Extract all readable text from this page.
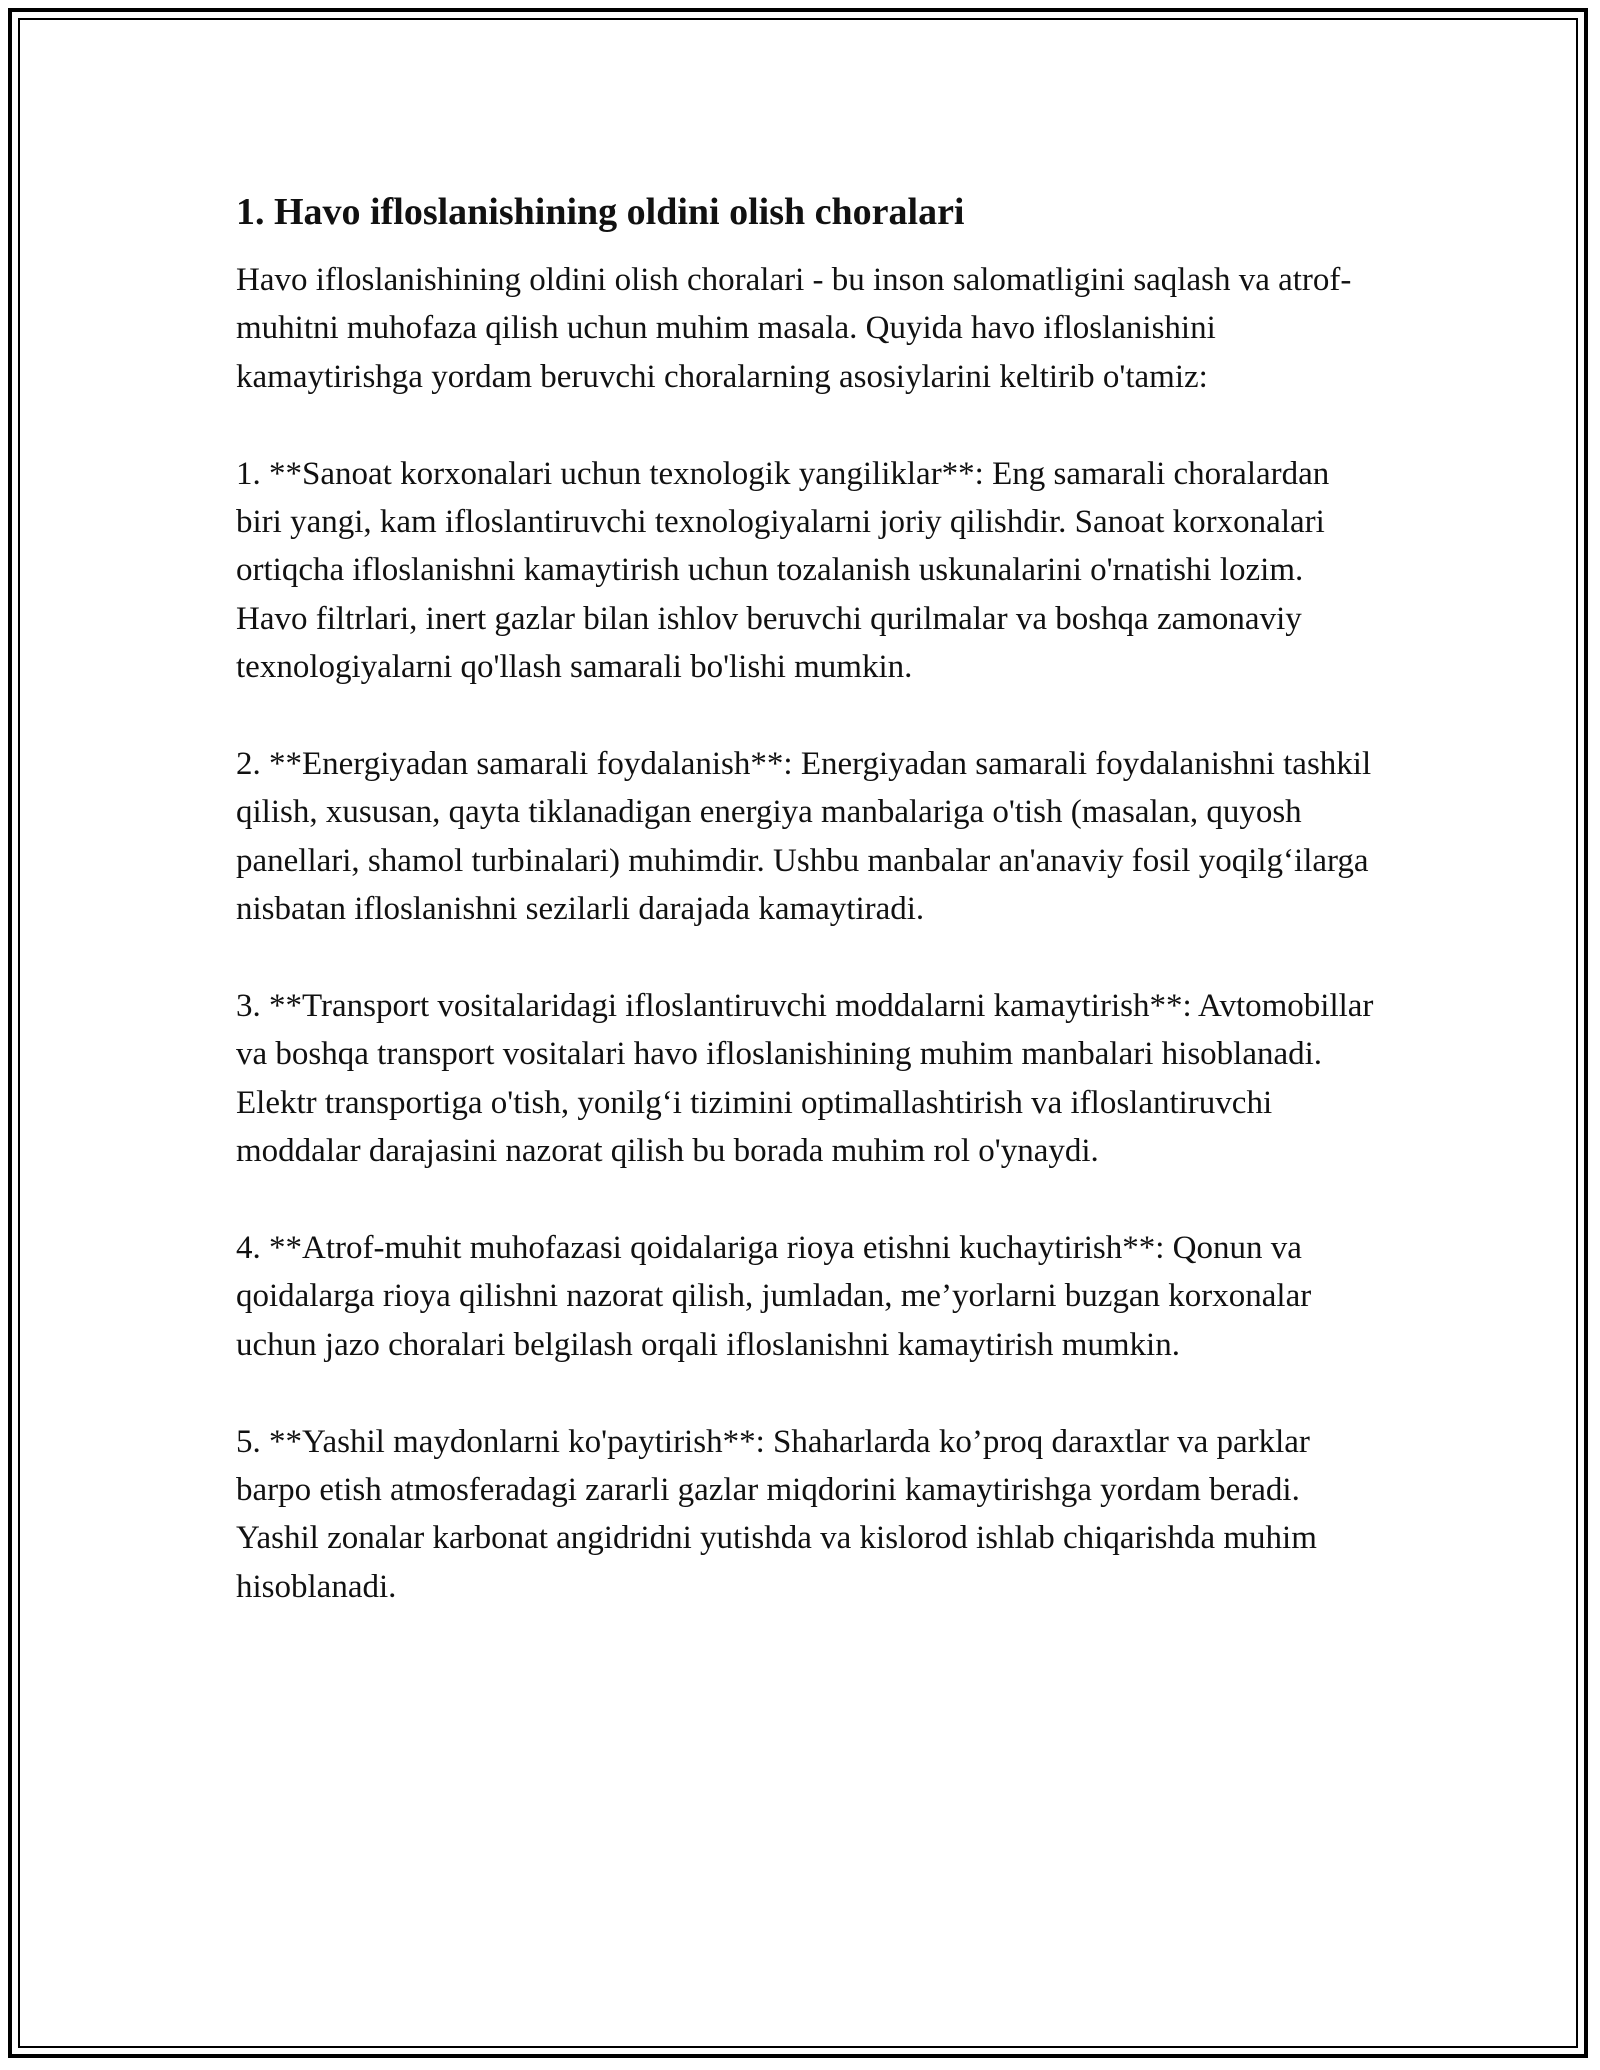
1. Havo ifloslanishining oldini olish choralari

Havo ifloslanishining oldini olish choralari - bu inson salomatligini saqlash va atrof-muhitni muhofaza qilish uchun muhim masala. Quyida havo ifloslanishini kamaytirishga yordam beruvchi choralarning asosiylarini keltirib o'tamiz:

1. **Sanoat korxonalari uchun texnologik yangiliklar**: Eng samarali choralardan biri yangi, kam ifloslantiruvchi texnologiyalarni joriy qilishdir. Sanoat korxonalari ortiqcha ifloslanishni kamaytirish uchun tozalanish uskunalarini o'rnatishi lozim. Havo filtrlari, inert gazlar bilan ishlov beruvchi qurilmalar va boshqa zamonaviy texnologiyalarni qo'llash samarali bo'lishi mumkin.

2. **Energiyadan samarali foydalanish**: Energiyadan samarali foydalanishni tashkil qilish, xususan, qayta tiklanadigan energiya manbalariga o'tish (masalan, quyosh panellari, shamol turbinalari) muhimdir. Ushbu manbalar an'anaviy fosil yoqilg‘ilarga nisbatan ifloslanishni sezilarli darajada kamaytiradi.

3. **Transport vositalaridagi ifloslantiruvchi moddalarni kamaytirish**: Avtomobillar va boshqa transport vositalari havo ifloslanishining muhim manbalari hisoblanadi. Elektr transportiga o'tish, yonilg‘i tizimini optimallashtirish va ifloslantiruvchi moddalar darajasini nazorat qilish bu borada muhim rol o'ynaydi.

4. **Atrof-muhit muhofazasi qoidalariga rioya etishni kuchaytirish**: Qonun va qoidalarga rioya qilishni nazorat qilish, jumladan, me’yorlarni buzgan korxonalar uchun jazo choralari belgilash orqali ifloslanishni kamaytirish mumkin.

5. **Yashil maydonlarni ko'paytirish**: Shaharlarda ko’proq daraxtlar va parklar barpo etish atmosferadagi zararli gazlar miqdorini kamaytirishga yordam beradi. Yashil zonalar karbonat angidridni yutishda va kislorod ishlab chiqarishda muhim hisoblanadi.
